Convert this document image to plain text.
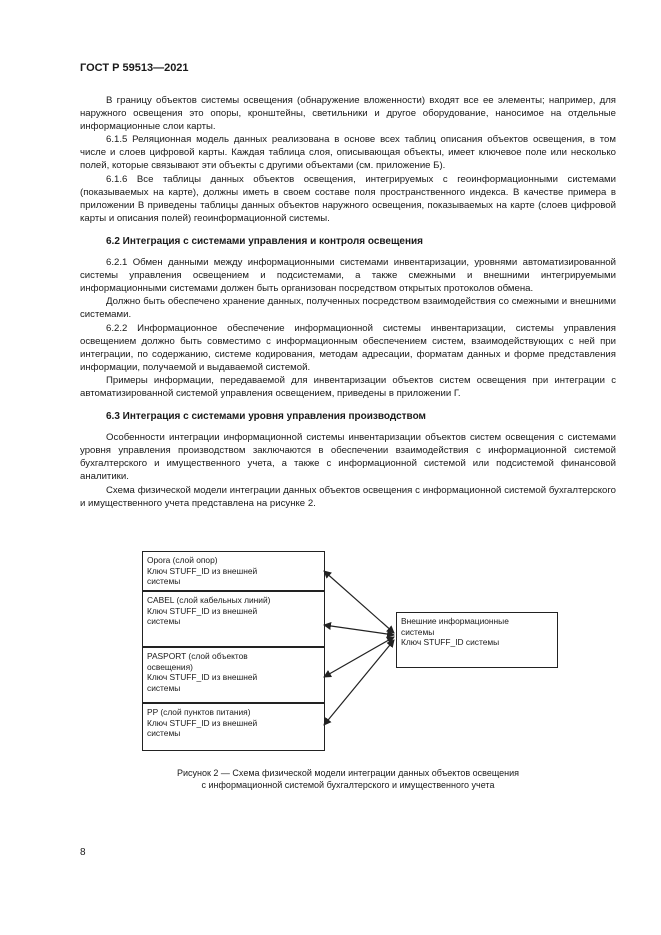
ГОСТ Р 59513—2021

В границу объектов системы освещения (обнаружение вложенности) входят все ее элементы; например, для наружного освещения это опоры, кронштейны, светильники и другое оборудование, наносимое на отдельные информационные слои карты.

6.1.5 Реляционная модель данных реализована в основе всех таблиц описания объектов освещения, в том числе и слоев цифровой карты. Каждая таблица слоя, описывающая объекты, имеет ключевое поле или несколько полей, которые связывают эти объекты с другими объектами (см. приложение Б).

6.1.6 Все таблицы данных объектов освещения, интегрируемых с геоинформационными системами (показываемых на карте), должны иметь в своем составе поля пространственного индекса. В качестве примера в приложении В приведены таблицы данных объектов наружного освещения, показываемых на карте (слоев цифровой карты и описания полей) геоинформационной системы.

6.2 Интеграция с системами управления и контроля освещения

6.2.1 Обмен данными между информационными системами инвентаризации, уровнями автоматизированной системы управления освещением и подсистемами, а также смежными и внешними интегрируемыми информационными системами должен быть организован посредством открытых протоколов обмена.

Должно быть обеспечено хранение данных, полученных посредством взаимодействия со смежными и внешними системами.

6.2.2 Информационное обеспечение информационной системы инвентаризации, системы управления освещением должно быть совместимо с информационным обеспечением систем, взаимодействующих с ней при интеграции, по содержанию, системе кодирования, методам адресации, форматам данных и форме представления информации, получаемой и выдаваемой системой.

Примеры информации, передаваемой для инвентаризации объектов систем освещения при интеграции с автоматизированной системой управления освещением, приведены в приложении Г.

6.3 Интеграция с системами уровня управления производством

Особенности интеграции информационной системы инвентаризации объектов систем освещения с системами уровня управления производством заключаются в обеспечении взаимодействия с информационной системой бухгалтерского и имущественного учета, а также с информационной системой или подсистемой финансовой аналитики.

Схема физической модели интеграции данных объектов освещения с информационной системой бухгалтерского и имущественного учета представлена на рисунке 2.

Opora (слой опор)
Ключ STUFF_ID из внешней
системы
CABEL (слой кабельных линий)
Ключ STUFF_ID из внешней
системы
PASPORT (слой объектов
освещения)
Ключ STUFF_ID из внешней
системы
PP (слой пунктов питания)
Ключ STUFF_ID из внешней
системы
Внешние информационные
системы
Ключ STUFF_ID системы
Рисунок 2 — Схема физической модели интеграции данных объектов освещения
с информационной системой бухгалтерского и имущественного учета
8
